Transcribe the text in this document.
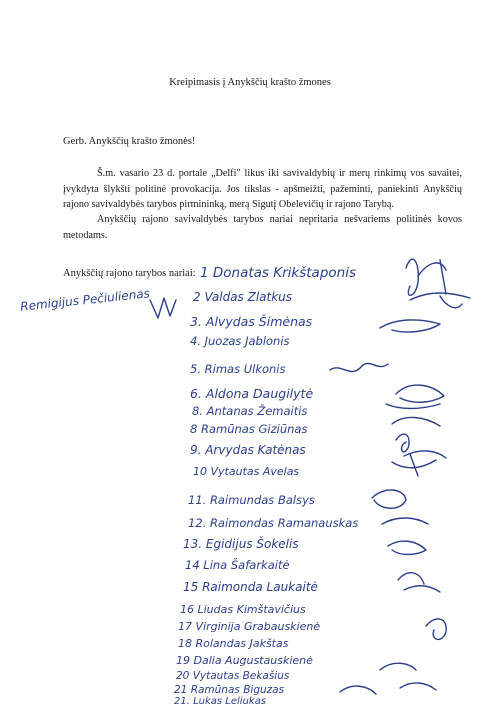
Kreipimasis į Anykščių krašto žmones
Gerb. Anykščių krašto žmonės!
Š.m. vasario 23 d. portale „Delfi" likus iki savivaldybių ir merų rinkimų vos savaitei, įvykdyta šlykšti politinė provokacija. Jos tikslas - apšmeižti, pažeminti, paniekinti Anykščių rajono savivaldybės tarybos pirmininką, merą Sigutį Obelevičių ir rajono Tarybą.
Anykščių rajono savivaldybės tarybos nariai nepritaria nešvariems politinės kovos metodams.
Anykščių rajono tarybos nariai:
Remigijus Pečiulienas
1 Donatas Krikštaponis
2 Valdas Zlatkus
3. Alvydas Šimėnas
4. Juozas Jablonis
5. Rimas Ulkonis
6. Aldona Daugilytė
8. Antanas Žemaitis
8 Ramūnas Giziūnas
9. Arvydas Katėnas
10 Vytautas Avelas
11. Raimundas Balsys
12. Raimondas Ramanauskas
13. Egidijus Šokelis
14 Lina Šafarkaitė
15 Raimonda Laukaitė
16 Liudas Kimštavičius
17 Virginija Grabauskienė
18 Rolandas Jakštas
19 Dalia Augustauskienė
20 Vytautas Bekašius
21 Ramūnas Biguzas
21. Lukas Leliukas
